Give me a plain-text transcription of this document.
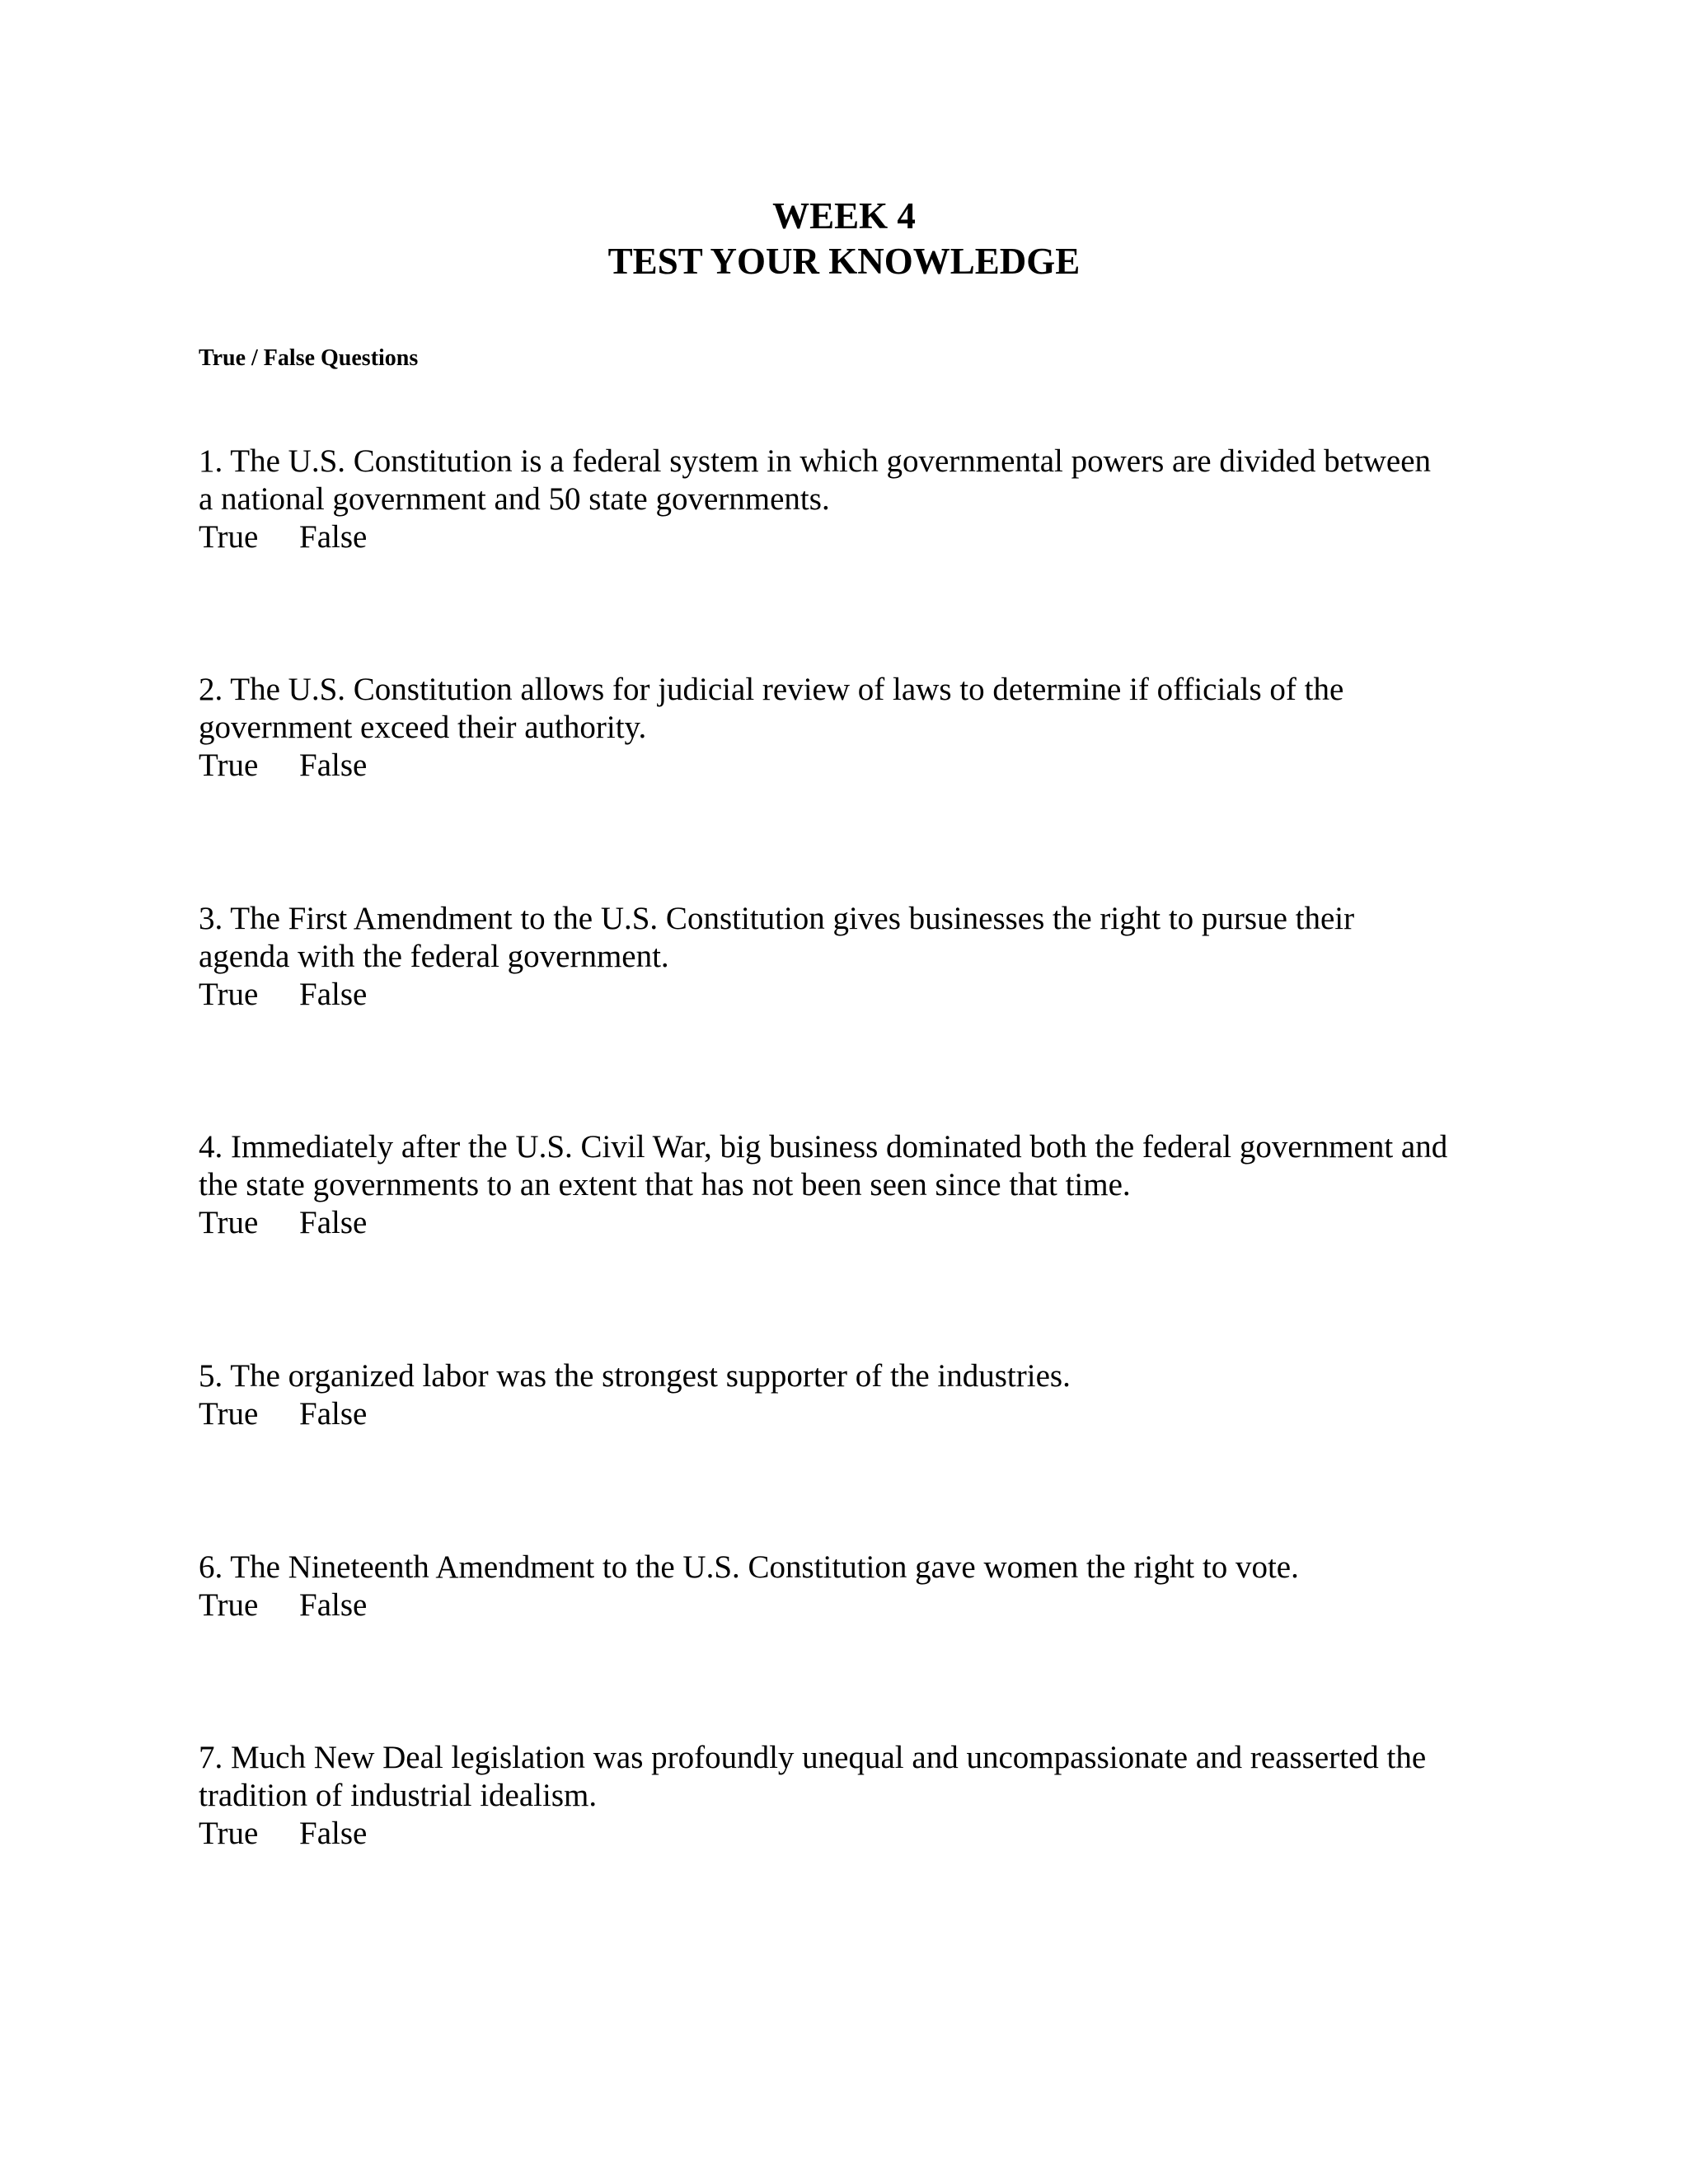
WEEK 4
TEST YOUR KNOWLEDGE
True / False Questions
1. The U.S. Constitution is a federal system in which governmental powers are divided between
a national government and 50 state governments.
True False
2. The U.S. Constitution allows for judicial review of laws to determine if officials of the
government exceed their authority.
True False
3. The First Amendment to the U.S. Constitution gives businesses the right to pursue their
agenda with the federal government.
True False
4. Immediately after the U.S. Civil War, big business dominated both the federal government and
the state governments to an extent that has not been seen since that time.
True False
5. The organized labor was the strongest supporter of the industries.
True False
6. The Nineteenth Amendment to the U.S. Constitution gave women the right to vote.
True False
7. Much New Deal legislation was profoundly unequal and uncompassionate and reasserted the
tradition of industrial idealism.
True False
